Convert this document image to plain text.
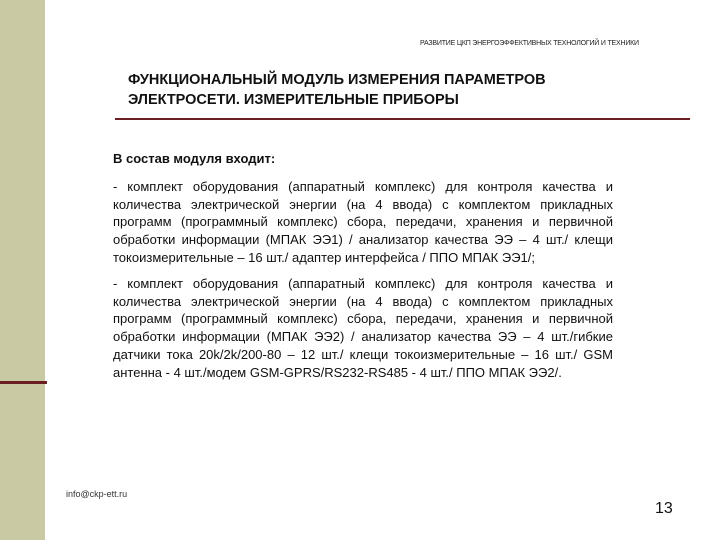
РАЗВИТИЕ ЦКП ЭНЕРГОЭФФЕКТИВНЫХ ТЕХНОЛОГИЙ И ТЕХНИКИ
ФУНКЦИОНАЛЬНЫЙ МОДУЛЬ ИЗМЕРЕНИЯ ПАРАМЕТРОВ
ЭЛЕКТРОСЕТИ. ИЗМЕРИТЕЛЬНЫЕ ПРИБОРЫ
В состав модуля входит:
- комплект оборудования (аппаратный комплекс) для контроля качества и количества электрической энергии (на 4 ввода) с комплектом прикладных программ (программный комплекс) сбора, передачи, хранения и первичной обработки информации (МПАК ЭЭ1) / анализатор качества ЭЭ – 4 шт./ клещи токоизмерительные – 16 шт./ адаптер интерфейса / ППО МПАК ЭЭ1/;
- комплект оборудования (аппаратный комплекс) для контроля качества и количества электрической энергии (на 4 ввода) с комплектом прикладных программ (программный комплекс) сбора, передачи, хранения и первичной обработки информации (МПАК ЭЭ2) / анализатор качества ЭЭ – 4 шт./гибкие датчики тока 20k/2k/200-80 – 12 шт./ клещи токоизмерительные – 16 шт./ GSM антенна - 4 шт./модем GSM-GPRS/RS232-RS485 - 4 шт./ ППО МПАК ЭЭ2/.
info@ckp-ett.ru
13
